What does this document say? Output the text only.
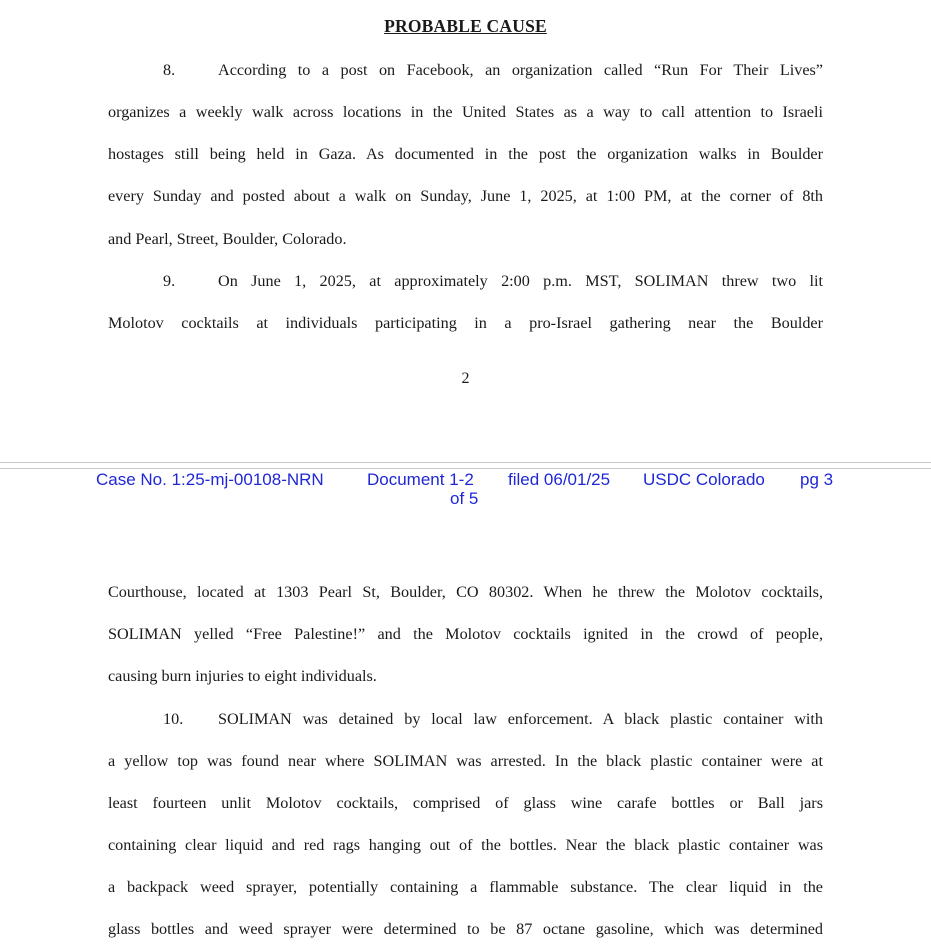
PROBABLE CAUSE
8.	According to a post on Facebook, an organization called “Run For Their Lives”
organizes a weekly walk across locations in the United States as a way to call attention to Israeli
hostages still being held in Gaza. As documented in the post the organization walks in Boulder
every Sunday and posted about a walk on Sunday, June 1, 2025, at 1:00 PM, at the corner of 8th
and Pearl, Street, Boulder, Colorado.
9.	On June 1, 2025, at approximately 2:00 p.m. MST, SOLIMAN threw two lit
Molotov cocktails at individuals participating in a pro-Israel gathering near the Boulder
2
Case No. 1:25-mj-00108-NRN	Document 1-2
of 5
filed 06/01/25 USDC Colorado pg 3
Courthouse, located at 1303 Pearl St, Boulder, CO 80302. When he threw the Molotov cocktails,
SOLIMAN yelled “Free Palestine!” and the Molotov cocktails ignited in the crowd of people,
causing burn injuries to eight individuals.
10. SOLIMAN was detained by local law enforcement. A black plastic container with
a yellow top was found near where SOLIMAN was arrested. In the black plastic container were at
least fourteen unlit Molotov cocktails, comprised of glass wine carafe bottles or Ball jars
containing clear liquid and red rags hanging out of the bottles. Near the black plastic container was
a backpack weed sprayer, potentially containing a flammable substance. The clear liquid in the
glass bottles and weed sprayer were determined to be 87 octane gasoline, which was determined
